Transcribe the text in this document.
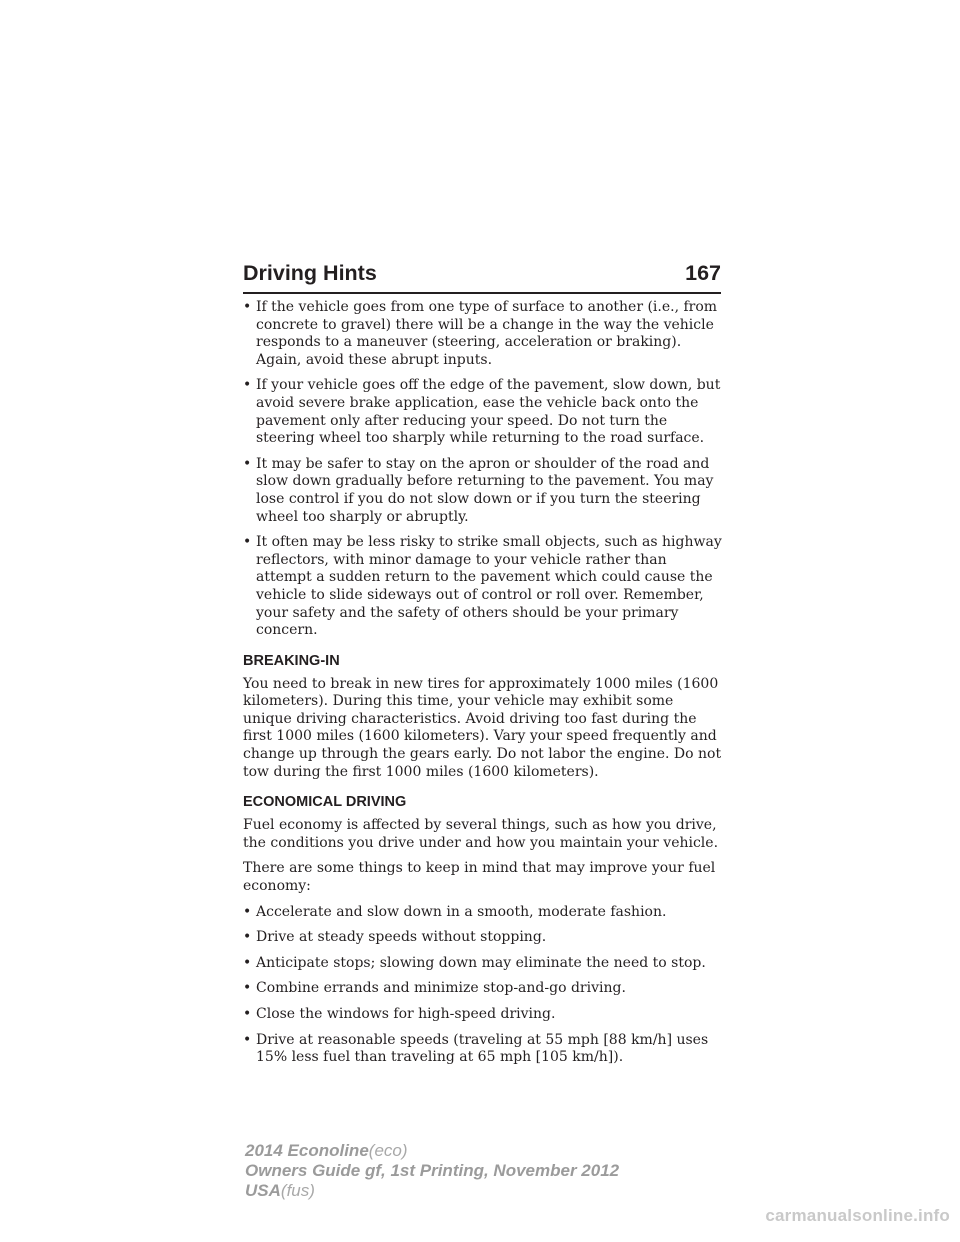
Driving Hints	167
• If the vehicle goes from one type of surface to another (i.e., from concrete to gravel) there will be a change in the way the vehicle responds to a maneuver (steering, acceleration or braking). Again, avoid these abrupt inputs.
• If your vehicle goes off the edge of the pavement, slow down, but avoid severe brake application, ease the vehicle back onto the pavement only after reducing your speed. Do not turn the steering wheel too sharply while returning to the road surface.
• It may be safer to stay on the apron or shoulder of the road and slow down gradually before returning to the pavement. You may lose control if you do not slow down or if you turn the steering wheel too sharply or abruptly.
• It often may be less risky to strike small objects, such as highway reflectors, with minor damage to your vehicle rather than attempt a sudden return to the pavement which could cause the vehicle to slide sideways out of control or roll over. Remember, your safety and the safety of others should be your primary concern.
BREAKING-IN

You need to break in new tires for approximately 1000 miles (1600 kilometers). During this time, your vehicle may exhibit some unique driving characteristics. Avoid driving too fast during the first 1000 miles (1600 kilometers). Vary your speed frequently and change up through the gears early. Do not labor the engine. Do not tow during the first 1000 miles (1600 kilometers).

ECONOMICAL DRIVING

Fuel economy is affected by several things, such as how you drive, the conditions you drive under and how you maintain your vehicle.

There are some things to keep in mind that may improve your fuel economy:

• Accelerate and slow down in a smooth, moderate fashion.
• Drive at steady speeds without stopping.
• Anticipate stops; slowing down may eliminate the need to stop.
• Combine errands and minimize stop-and-go driving.
• Close the windows for high-speed driving.
• Drive at reasonable speeds (traveling at 55 mph [88 km/h] uses 15% less fuel than traveling at 65 mph [105 km/h]).
2014 Econoline(eco)
Owners Guide gf, 1st Printing, November 2012
USA(fus)
carmanualsonline.info
